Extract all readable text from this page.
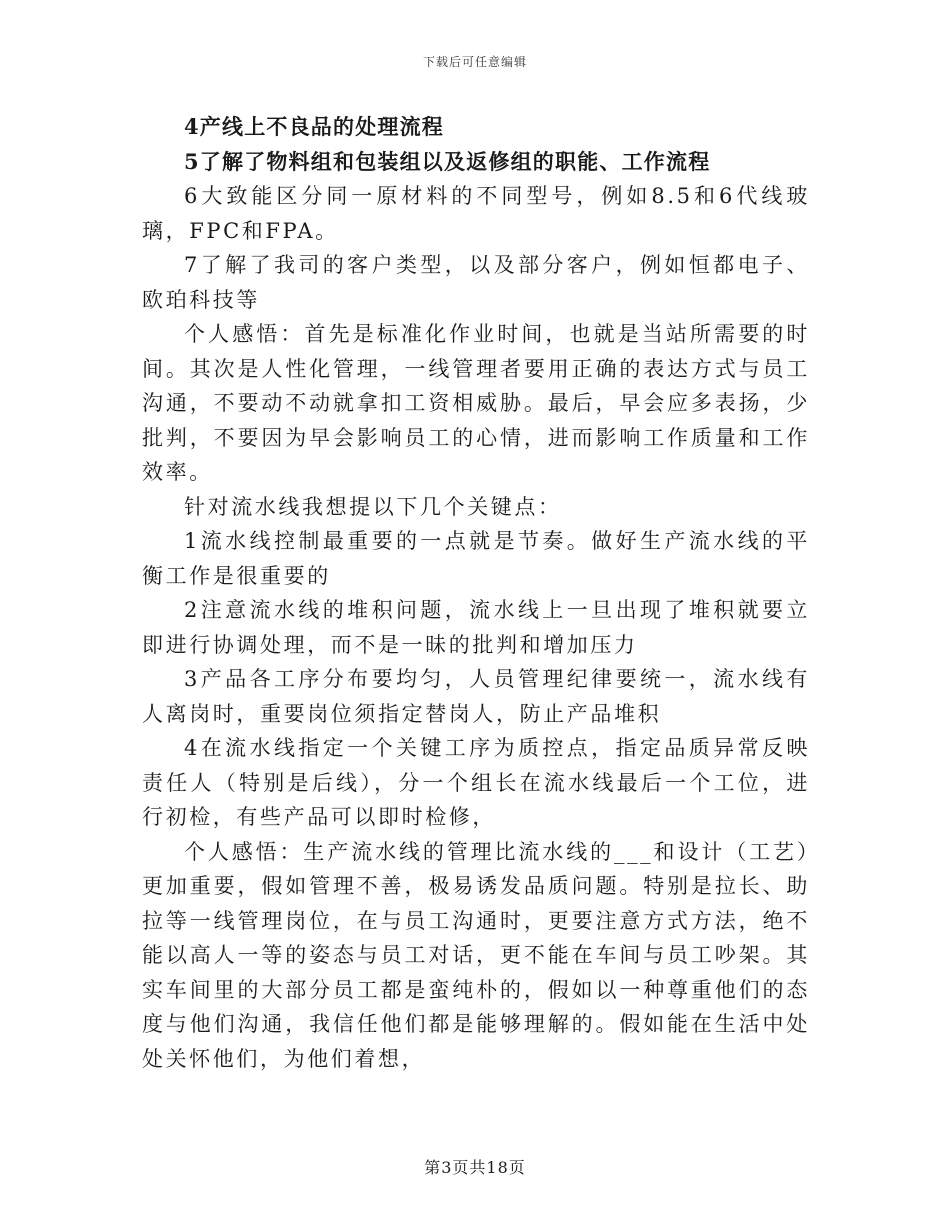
下载后可任意编辑

4产线上不良品的处理流程

5了解了物料组和包装组以及返修组的职能、工作流程

6大致能区分同一原材料的不同型号，例如8.5和6代线玻璃，FPC和FPA。

7了解了我司的客户类型，以及部分客户，例如恒都电子、欧珀科技等

个人感悟：首先是标准化作业时间，也就是当站所需要的时间。其次是人性化管理，一线管理者要用正确的表达方式与员工沟通，不要动不动就拿扣工资相威胁。最后，早会应多表扬，少批判，不要因为早会影响员工的心情，进而影响工作质量和工作效率。

针对流水线我想提以下几个关键点：

1流水线控制最重要的一点就是节奏。做好生产流水线的平衡工作是很重要的

2注意流水线的堆积问题，流水线上一旦出现了堆积就要立即进行协调处理，而不是一昧的批判和增加压力

3产品各工序分布要均匀，人员管理纪律要统一，流水线有人离岗时，重要岗位须指定替岗人，防止产品堆积

4在流水线指定一个关键工序为质控点，指定品质异常反映责任人（特别是后线），分一个组长在流水线最后一个工位，进行初检，有些产品可以即时检修，

个人感悟：生产流水线的管理比流水线的___和设计（工艺）更加重要，假如管理不善，极易诱发品质问题。特别是拉长、助拉等一线管理岗位，在与员工沟通时，更要注意方式方法，绝不能以高人一等的姿态与员工对话，更不能在车间与员工吵架。其实车间里的大部分员工都是蛮纯朴的，假如以一种尊重他们的态度与他们沟通，我信任他们都是能够理解的。假如能在生活中处处关怀他们，为他们着想，

第3页共18页
